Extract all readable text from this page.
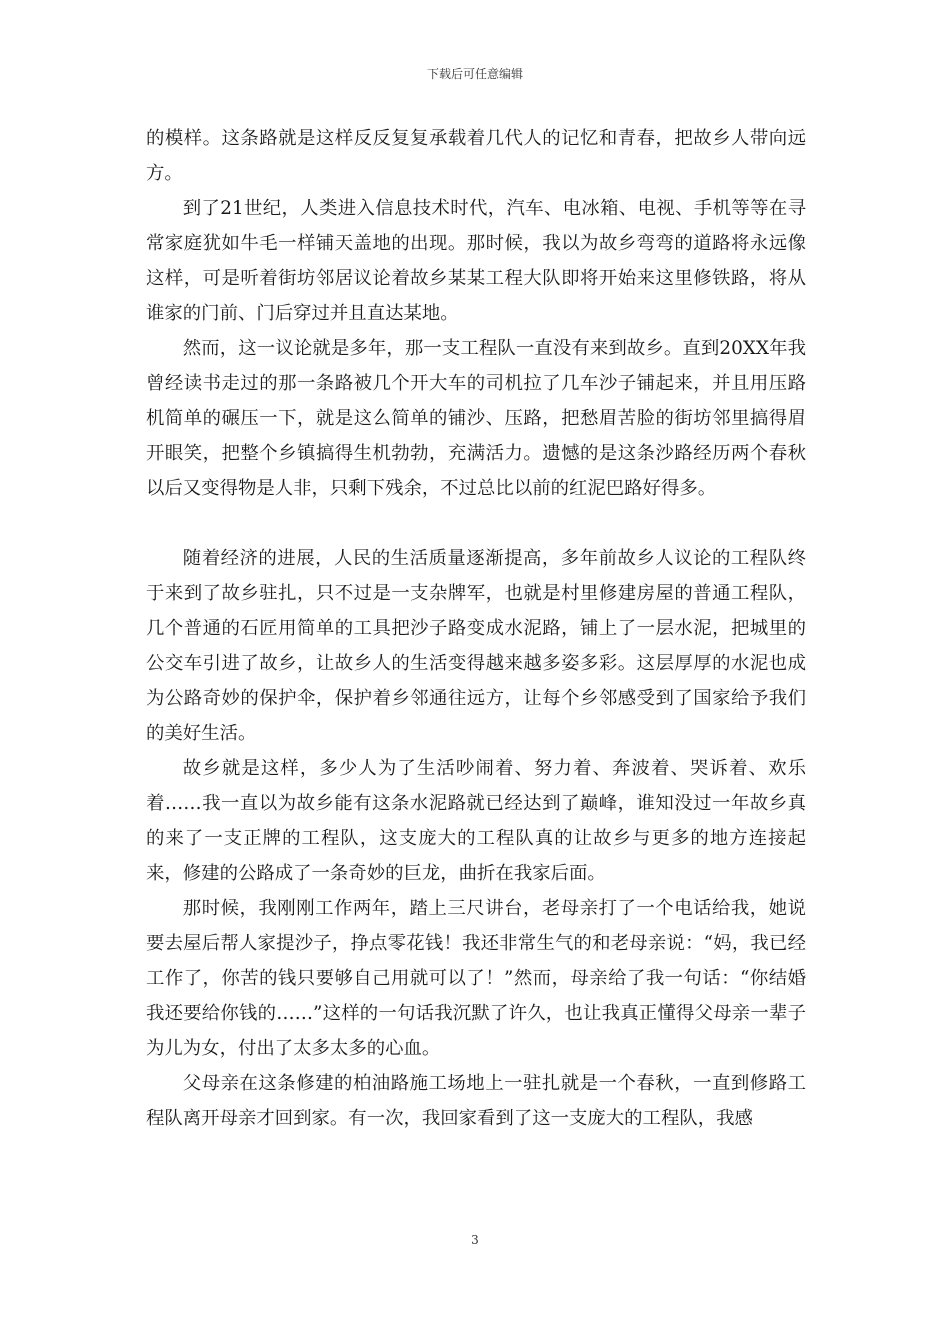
下载后可任意编辑

的模样。这条路就是这样反反复复承载着几代人的记忆和青春，把故乡人带向远方。

到了21世纪，人类进入信息技术时代，汽车、电冰箱、电视、手机等等在寻常家庭犹如牛毛一样铺天盖地的出现。那时候，我以为故乡弯弯的道路将永远像这样，可是听着街坊邻居议论着故乡某某工程大队即将开始来这里修铁路，将从谁家的门前、门后穿过并且直达某地。

然而，这一议论就是多年，那一支工程队一直没有来到故乡。直到20XX年我曾经读书走过的那一条路被几个开大车的司机拉了几车沙子铺起来，并且用压路机简单的碾压一下，就是这么简单的铺沙、压路，把愁眉苦脸的街坊邻里搞得眉开眼笑，把整个乡镇搞得生机勃勃，充满活力。遗憾的是这条沙路经历两个春秋以后又变得物是人非，只剩下残余，不过总比以前的红泥巴路好得多。

随着经济的进展，人民的生活质量逐渐提高，多年前故乡人议论的工程队终于来到了故乡驻扎，只不过是一支杂牌军，也就是村里修建房屋的普通工程队，几个普通的石匠用简单的工具把沙子路变成水泥路，铺上了一层水泥，把城里的公交车引进了故乡，让故乡人的生活变得越来越多姿多彩。这层厚厚的水泥也成为公路奇妙的保护伞，保护着乡邻通往远方，让每个乡邻感受到了国家给予我们的美好生活。

故乡就是这样，多少人为了生活吵闹着、努力着、奔波着、哭诉着、欢乐着……我一直以为故乡能有这条水泥路就已经达到了巅峰，谁知没过一年故乡真的来了一支正牌的工程队，这支庞大的工程队真的让故乡与更多的地方连接起来，修建的公路成了一条奇妙的巨龙，曲折在我家后面。

那时候，我刚刚工作两年，踏上三尺讲台，老母亲打了一个电话给我，她说要去屋后帮人家提沙子，挣点零花钱！我还非常生气的和老母亲说：“妈，我已经工作了，你苦的钱只要够自己用就可以了！”然而，母亲给了我一句话：“你结婚我还要给你钱的……”这样的一句话我沉默了许久，也让我真正懂得父母亲一辈子为儿为女，付出了太多太多的心血。

父母亲在这条修建的柏油路施工场地上一驻扎就是一个春秋，一直到修路工程队离开母亲才回到家。有一次，我回家看到了这一支庞大的工程队，我感

3
